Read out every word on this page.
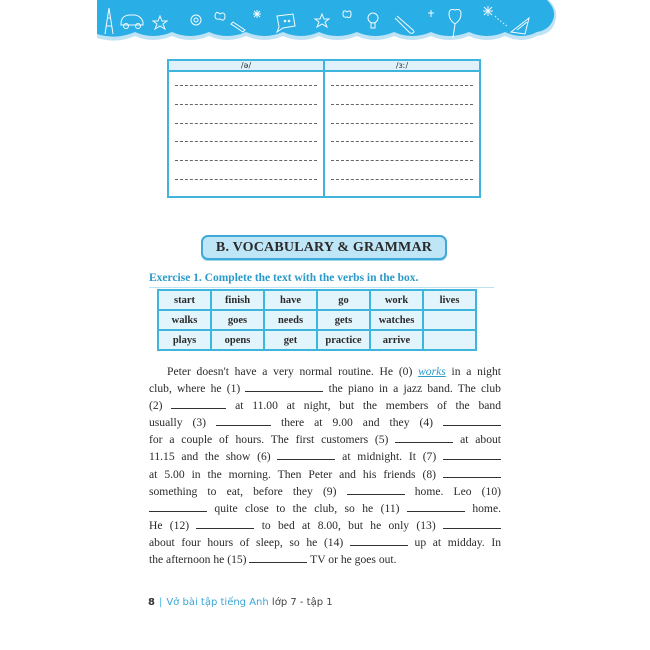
/ə/	/ɜː/
B. VOCABULARY & GRAMMAR
Exercise 1. Complete the text with the verbs in the box.
start	finish	have	go	work	lives
walks	goes	needs	gets	watches	
plays	opens	get	practice	arrive	
Peter doesn't have a very normal routine. He (0) works in a night
club, where he (1)	the piano in a jazz band. The club
(2)	at 11.00 at night, but the members of the band
usually (3)	there at 9.00 and they (4)
for a couple of hours. The first customers (5)	at about
11.15 and the show (6)	at midnight. It (7)
at 5.00 in the morning. Then Peter and his friends (8)
something to eat, before they (9)	home. Leo (10)
quite close to the club, so he (11)	home.
He (12)	to bed at 8.00, but he only (13)
about four hours of sleep, so he (14)	up at midday. In
the afternoon he (15)	TV or he goes out.
8 | Vở bài tập tiếng Anh lớp 7 - tập 1
